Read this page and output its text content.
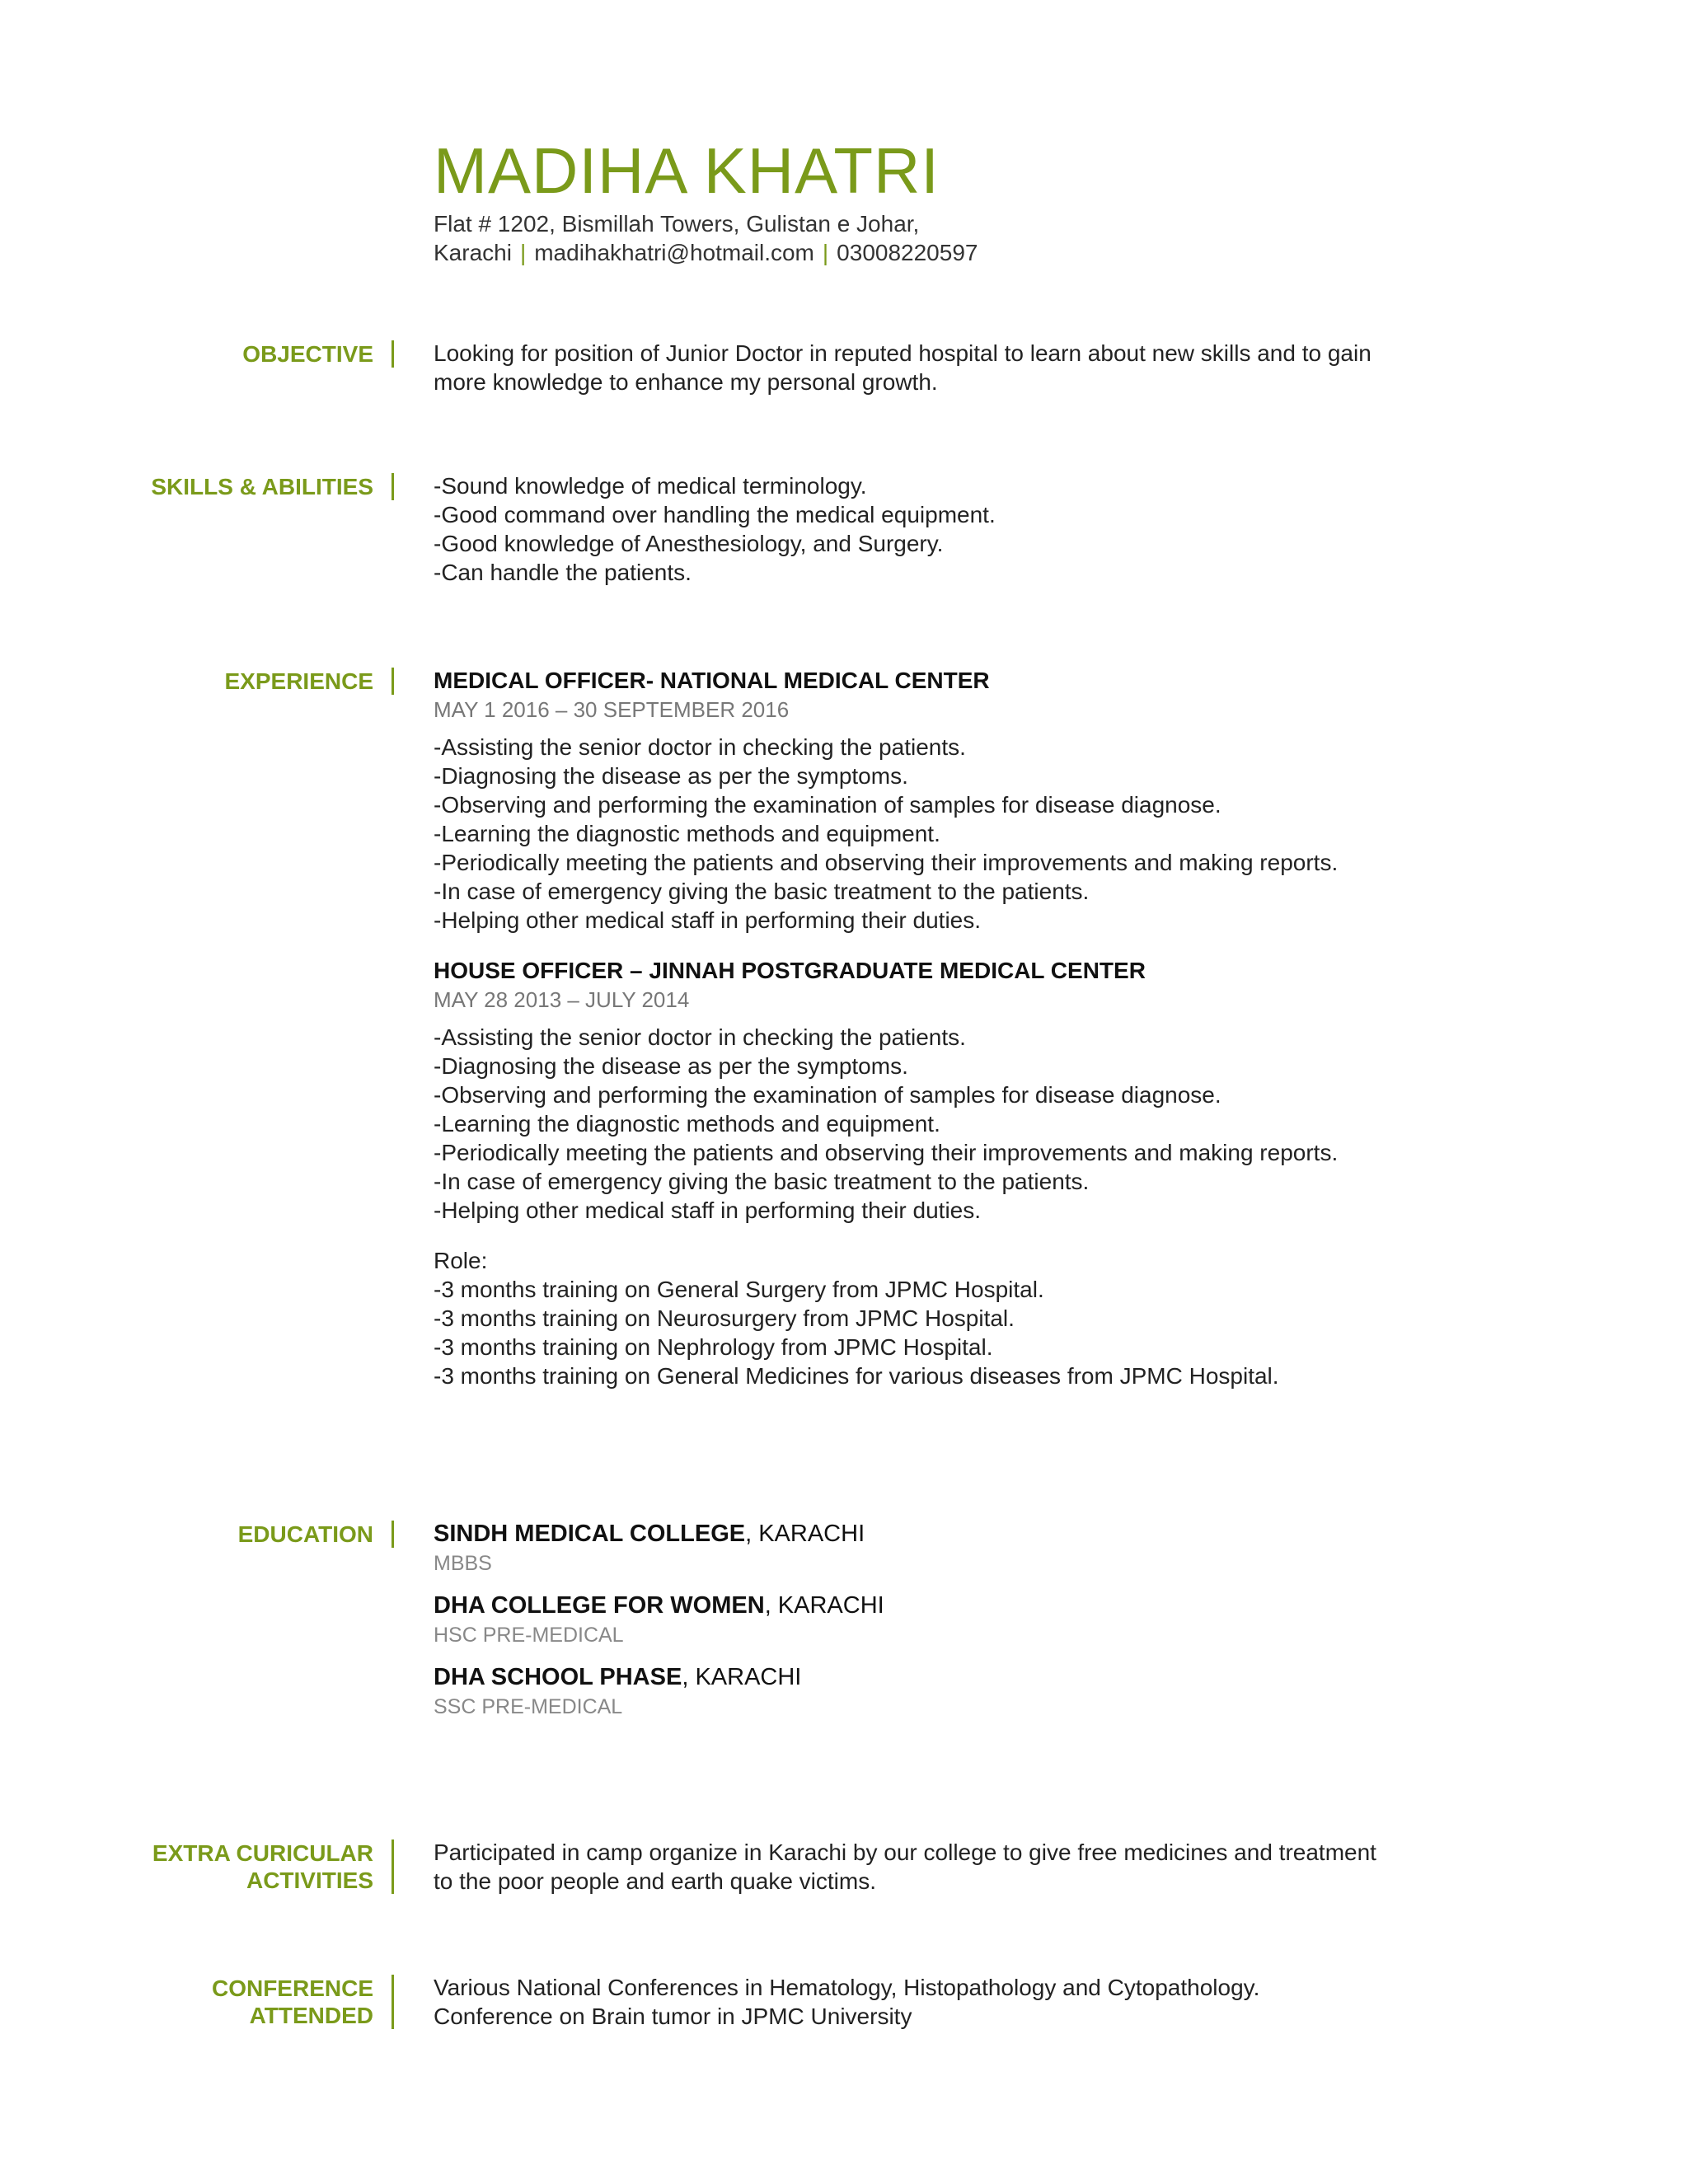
MADIHA KHATRI
Flat # 1202, Bismillah Towers, Gulistan e Johar,
Karachi | madihakhatri@hotmail.com | 03008220597
OBJECTIVE	Looking for position of Junior Doctor in reputed hospital to learn about new skills and to gain
more knowledge to enhance my personal growth.
SKILLS & ABILITIES	-Sound knowledge of medical terminology.
-Good command over handling the medical equipment.
-Good knowledge of Anesthesiology, and Surgery.
-Can handle the patients.
EXPERIENCE	MEDICAL OFFICER- NATIONAL MEDICAL CENTER
MAY 1 2016 – 30 SEPTEMBER 2016
-Assisting the senior doctor in checking the patients.
-Diagnosing the disease as per the symptoms.
-Observing and performing the examination of samples for disease diagnose.
-Learning the diagnostic methods and equipment.
-Periodically meeting the patients and observing their improvements and making reports.
-In case of emergency giving the basic treatment to the patients.
-Helping other medical staff in performing their duties.
HOUSE OFFICER – JINNAH POSTGRADUATE MEDICAL CENTER
MAY 28 2013 – JULY 2014
-Assisting the senior doctor in checking the patients.
-Diagnosing the disease as per the symptoms.
-Observing and performing the examination of samples for disease diagnose.
-Learning the diagnostic methods and equipment.
-Periodically meeting the patients and observing their improvements and making reports.
-In case of emergency giving the basic treatment to the patients.
-Helping other medical staff in performing their duties.
Role:
-3 months training on General Surgery from JPMC Hospital.
-3 months training on Neurosurgery from JPMC Hospital.
-3 months training on Nephrology from JPMC Hospital.
-3 months training on General Medicines for various diseases from JPMC Hospital.
EDUCATION	SINDH MEDICAL COLLEGE, KARACHI
MBBS
DHA COLLEGE FOR WOMEN, KARACHI
HSC PRE-MEDICAL
DHA SCHOOL PHASE, KARACHI
SSC PRE-MEDICAL
EXTRA CURICULAR
ACTIVITIES
Participated in camp organize in Karachi by our college to give free medicines and treatment
to the poor people and earth quake victims.
CONFERENCE
ATTENDED
Various National Conferences in Hematology, Histopathology and Cytopathology.
Conference on Brain tumor in JPMC University
